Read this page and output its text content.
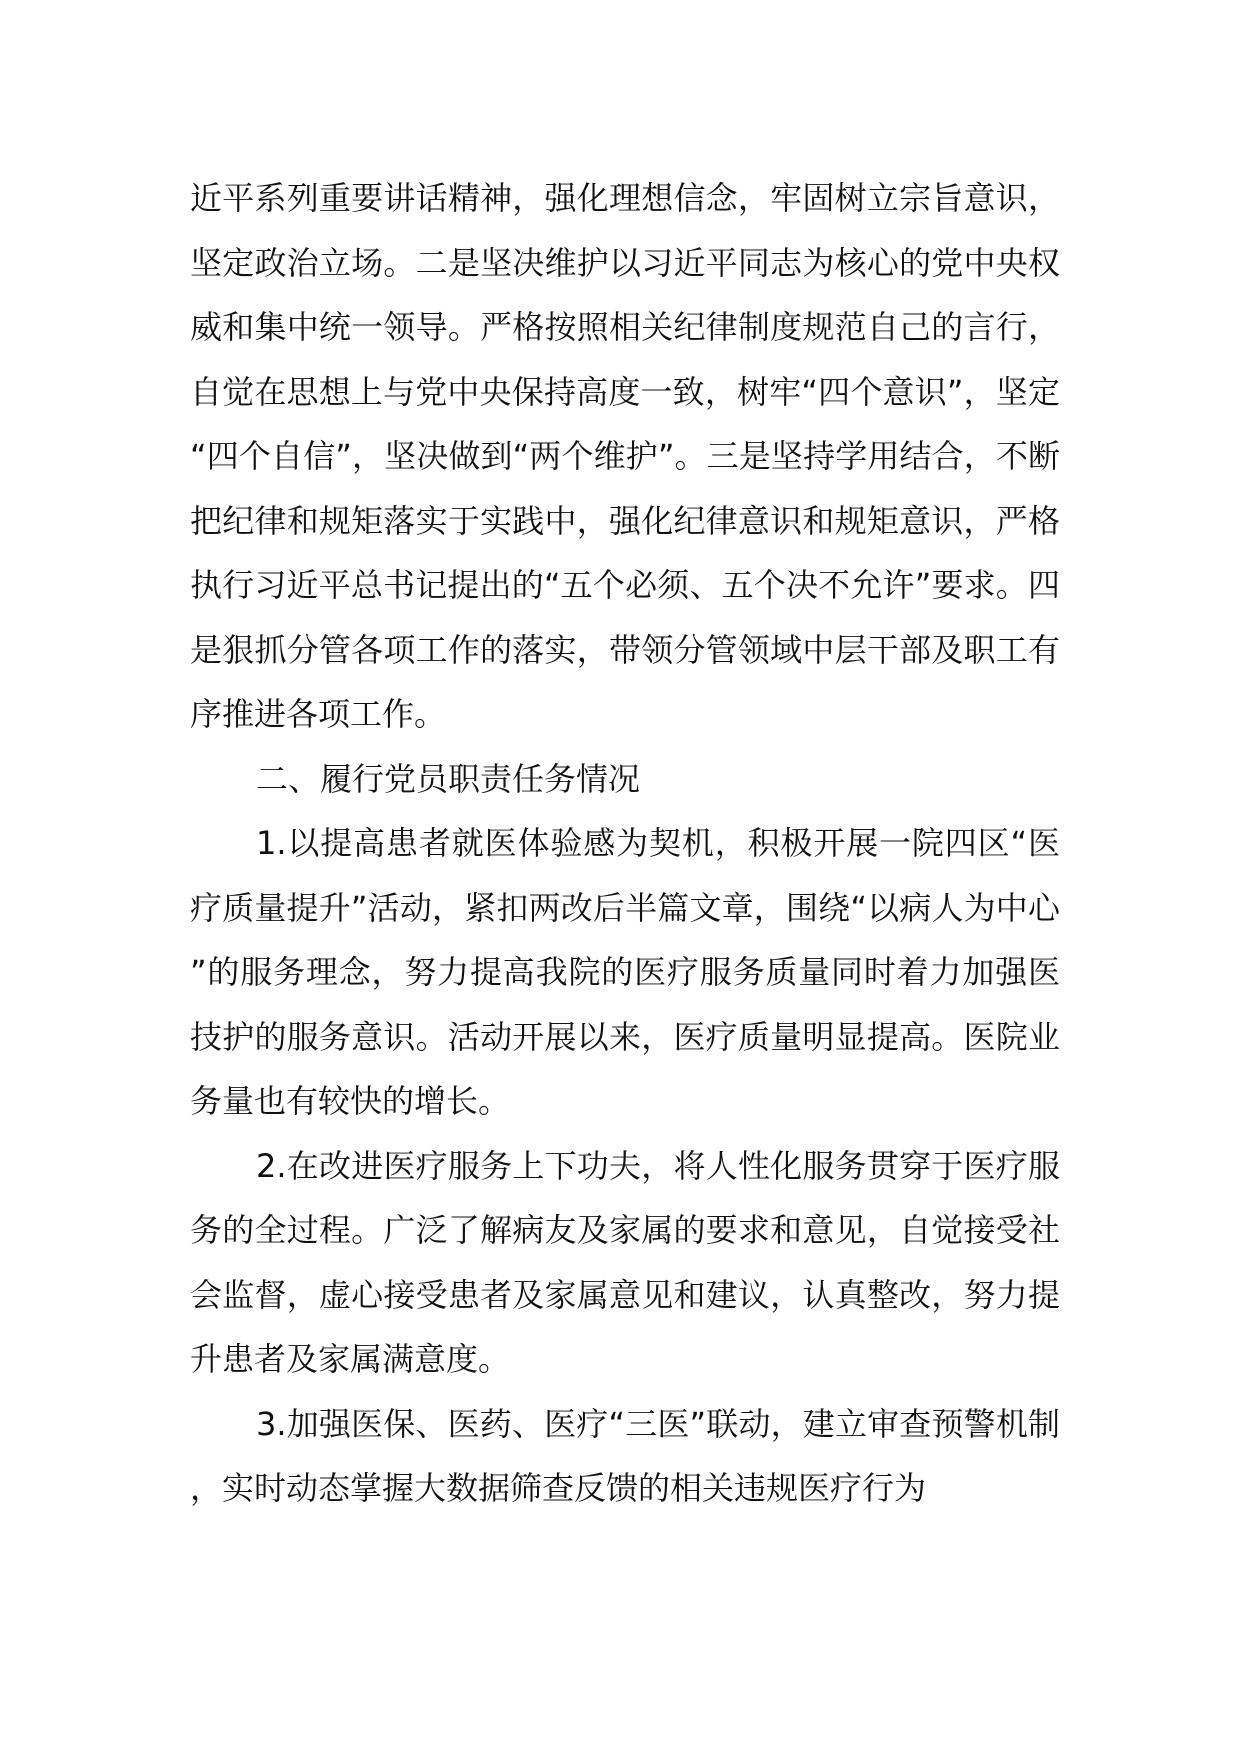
近平系列重要讲话精神，强化理想信念，牢固树立宗旨意识，坚定政治立场。二是坚决维护以习近平同志为核心的党中央权威和集中统一领导。严格按照相关纪律制度规范自己的言行，自觉在思想上与党中央保持高度一致，树牢“四个意识”，坚定“四个自信”，坚决做到“两个维护”。三是坚持学用结合，不断把纪律和规矩落实于实践中，强化纪律意识和规矩意识，严格执行习近平总书记提出的“五个必须、五个决不允许”要求。四是狠抓分管各项工作的落实，带领分管领域中层干部及职工有序推进各项工作。

二、履行党员职责任务情况

1.以提高患者就医体验感为契机，积极开展一院四区“医疗质量提升”活动，紧扣两改后半篇文章，围绕“以病人为中心”的服务理念，努力提高我院的医疗服务质量同时着力加强医技护的服务意识。活动开展以来，医疗质量明显提高。医院业务量也有较快的增长。

2.在改进医疗服务上下功夫，将人性化服务贯穿于医疗服务的全过程。广泛了解病友及家属的要求和意见，自觉接受社会监督，虚心接受患者及家属意见和建议，认真整改，努力提升患者及家属满意度。

3.加强医保、医药、医疗“三医”联动，建立审查预警机制，实时动态掌握大数据筛查反馈的相关违规医疗行为
